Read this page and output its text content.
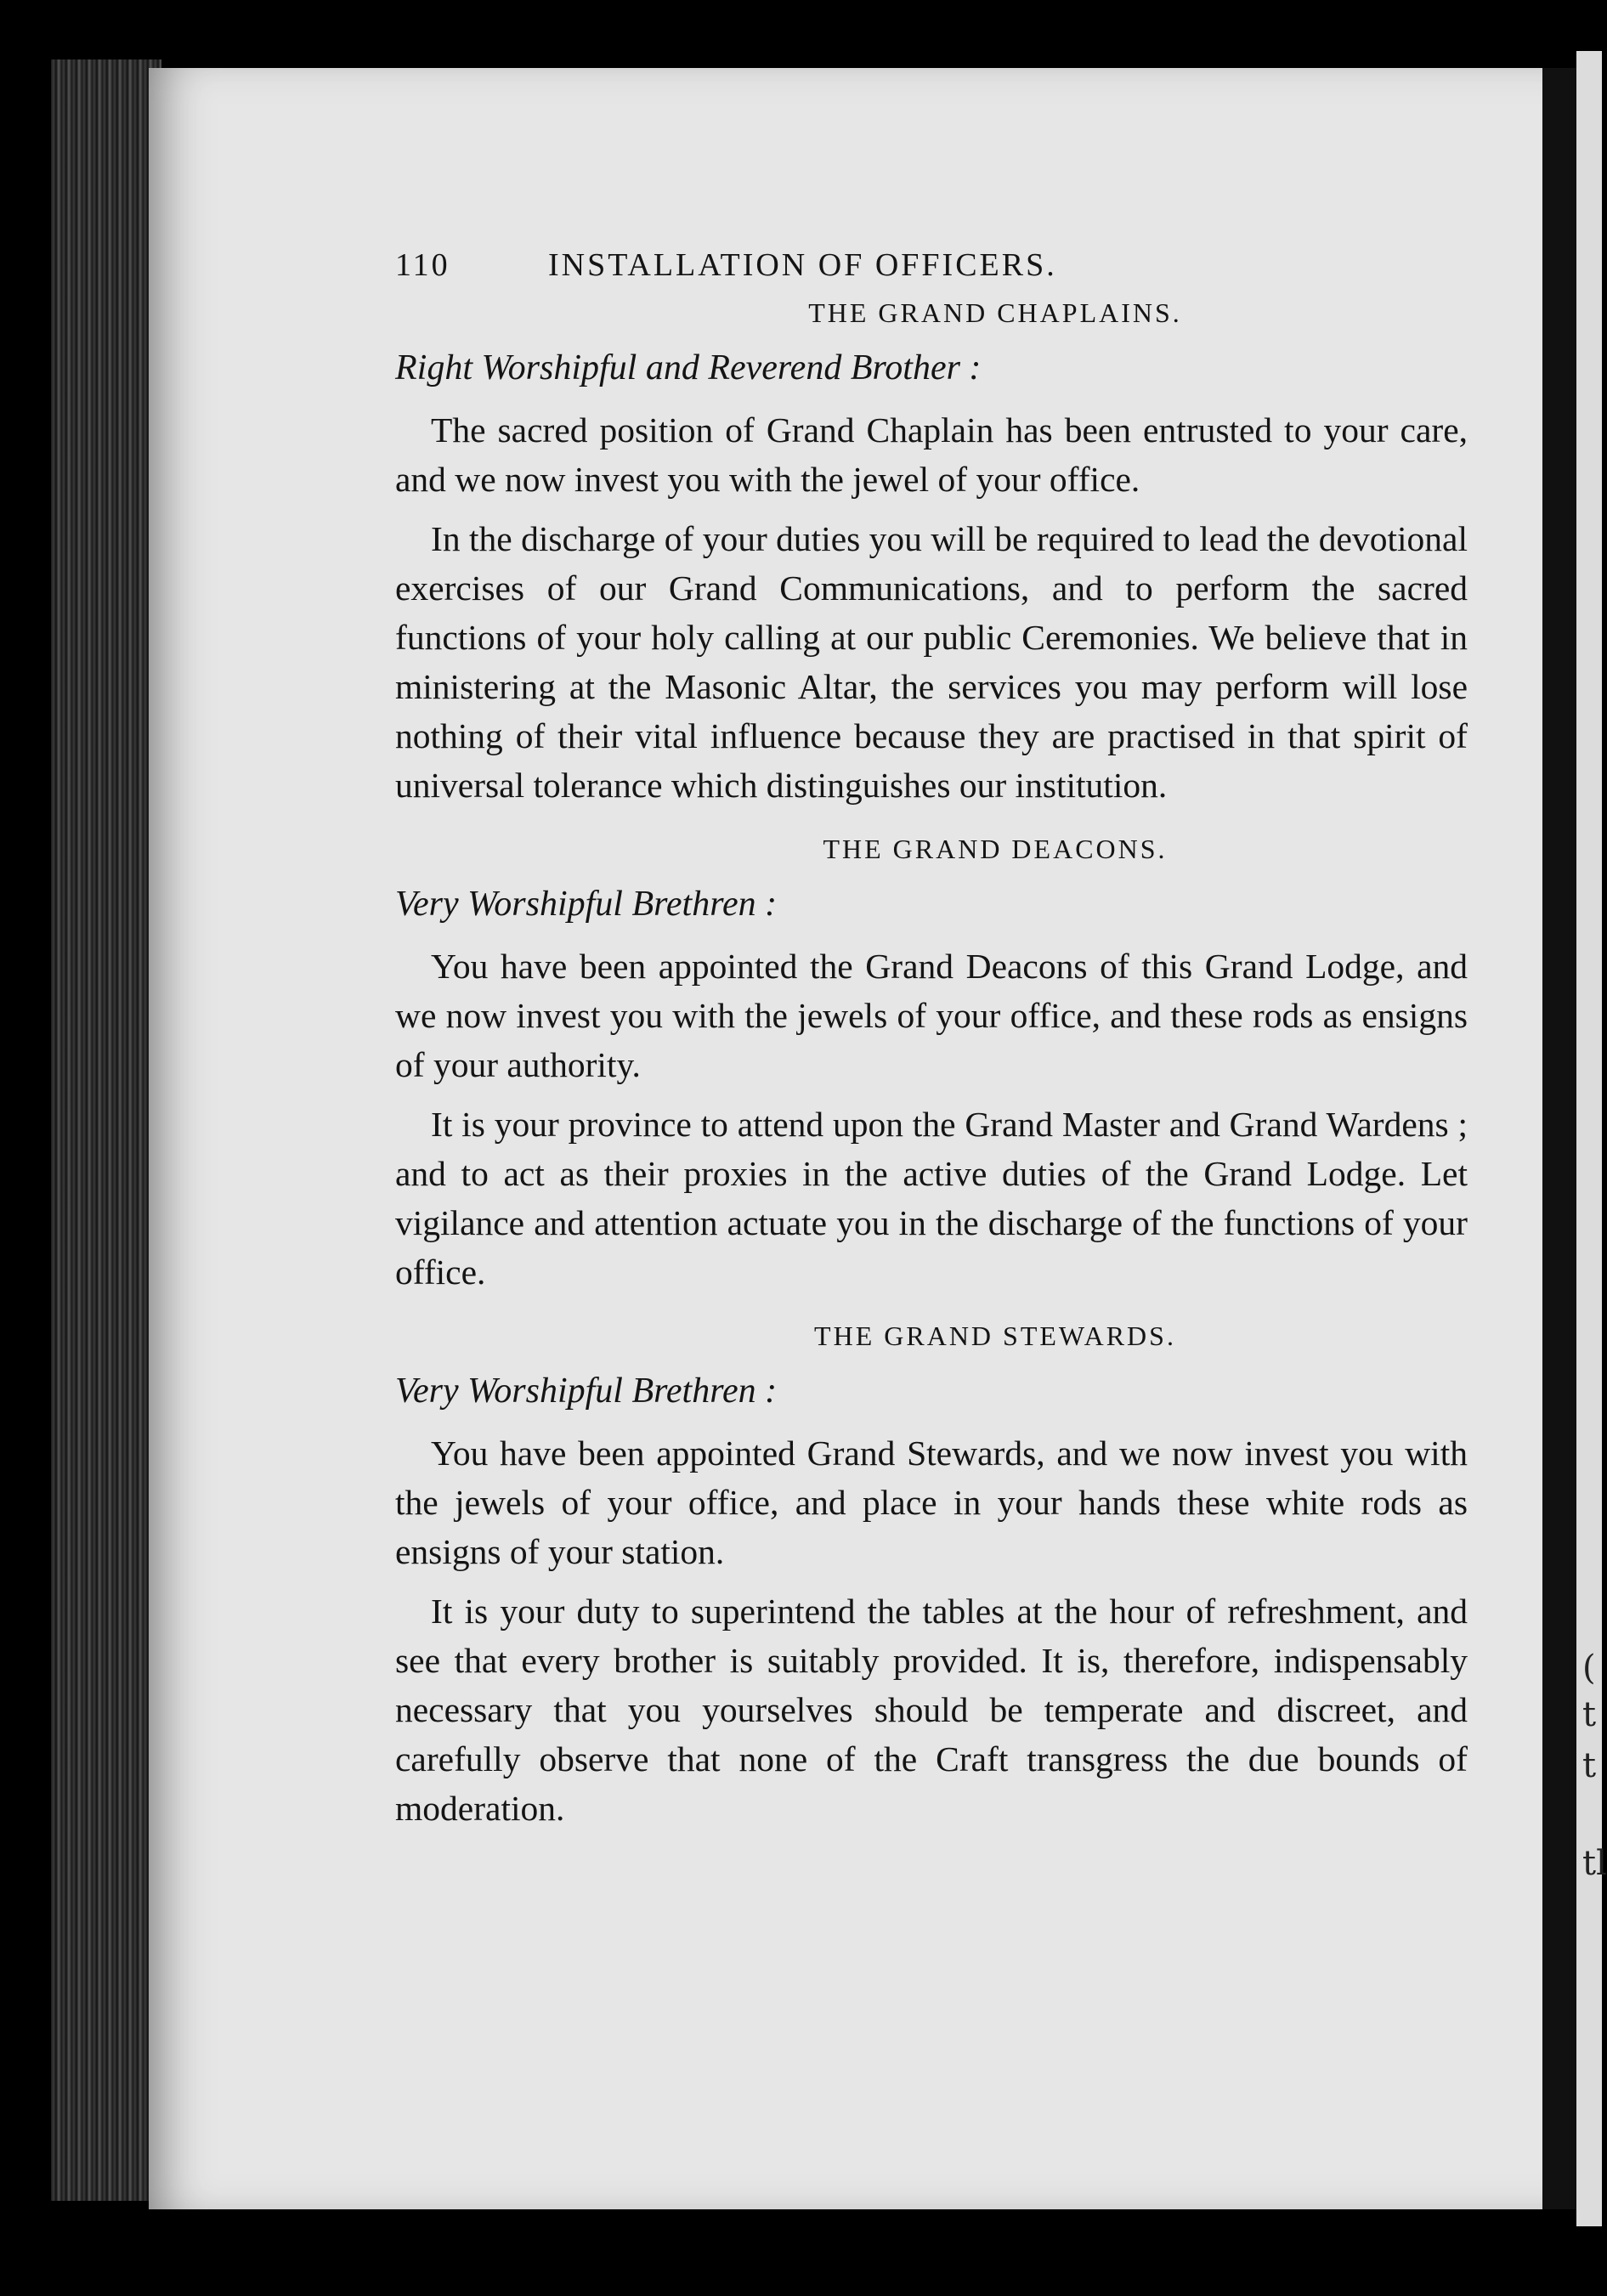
(
t
t
tl
110	INSTALLATION OF OFFICERS.
THE GRAND CHAPLAINS.
Right Worshipful and Reverend Brother :

The sacred position of Grand Chaplain has been entrusted to your care, and we now invest you with the jewel of your office.

In the discharge of your duties you will be required to lead the devotional exercises of our Grand Communications, and to perform the sacred functions of your holy calling at our public Ceremonies. We believe that in ministering at the Masonic Altar, the services you may perform will lose nothing of their vital influence because they are practised in that spirit of universal tolerance which distinguishes our institution.

THE GRAND DEACONS.
Very Worshipful Brethren :

You have been appointed the Grand Deacons of this Grand Lodge, and we now invest you with the jewels of your office, and these rods as ensigns of your authority.

It is your province to attend upon the Grand Master and Grand Wardens ; and to act as their proxies in the active duties of the Grand Lodge. Let vigilance and attention actuate you in the discharge of the functions of your office.

THE GRAND STEWARDS.
Very Worshipful Brethren :

You have been appointed Grand Stewards, and we now invest you with the jewels of your office, and place in your hands these white rods as ensigns of your station.

It is your duty to superintend the tables at the hour of refreshment, and see that every brother is suitably provided. It is, therefore, indispensably necessary that you yourselves should be temperate and discreet, and carefully observe that none of the Craft transgress the due bounds of moderation.
